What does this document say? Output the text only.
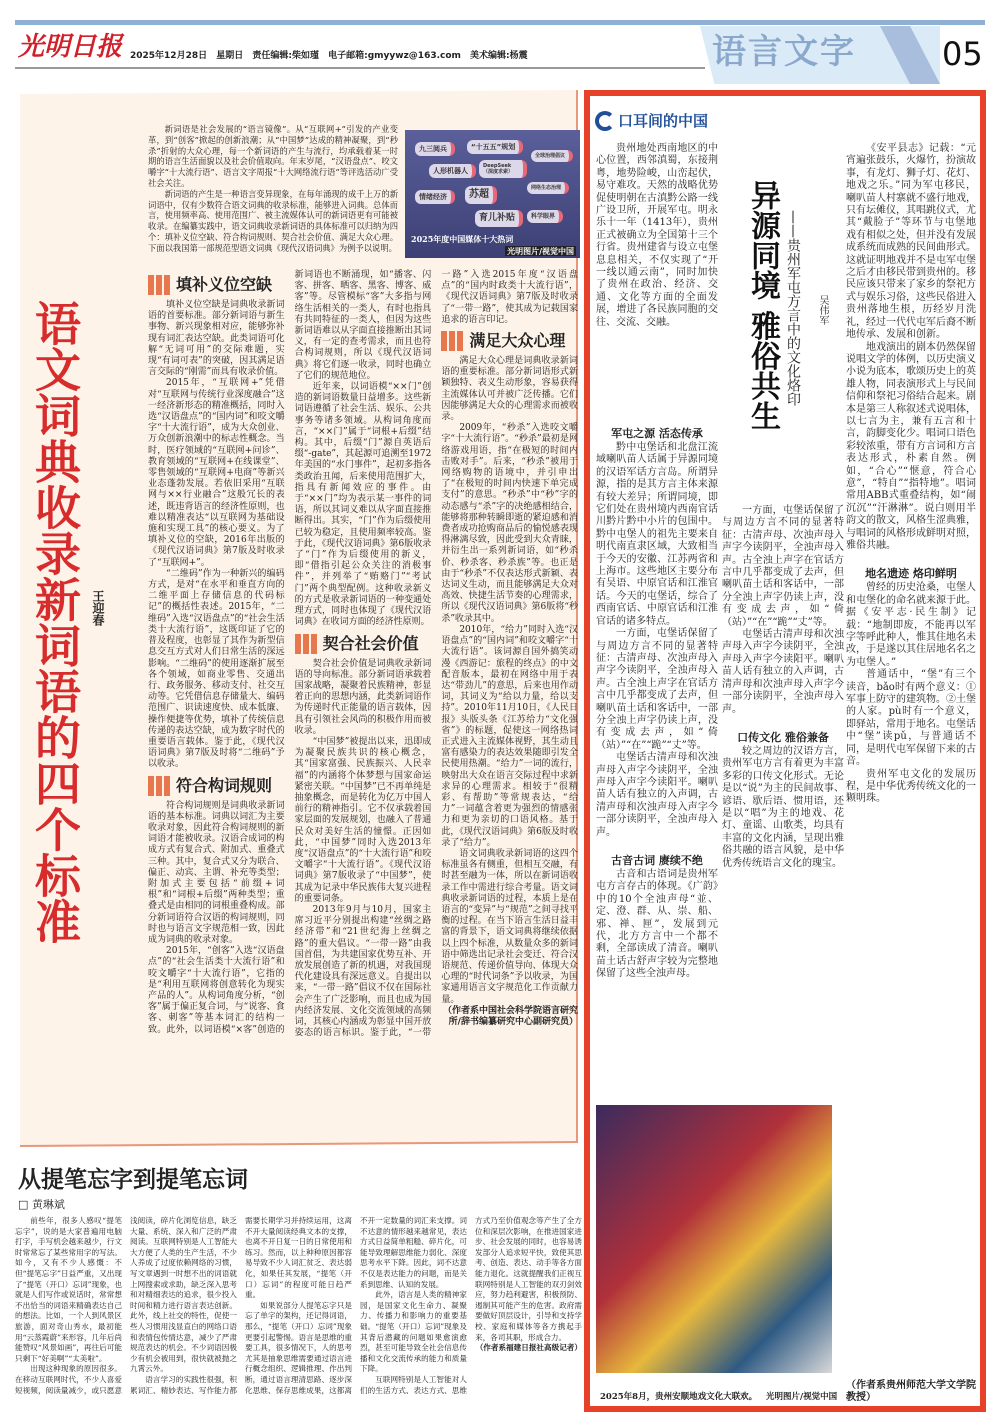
光明日报 2025年12月28日 星期日 责任编辑:柴如瑾 电子邮箱:gmyywz@163.com 美术编辑:杨震	语言文字	05
语文词典收录新词语的四个标准 王迎春

新词语是社会发展的“语言镜像”。从“互联网+”引发的产业变革，到“创客”掀起的创新浪潮；从“中国梦”达成的精神凝聚，到“秒杀”折射的大众心理，每一个新词语的产生与流行，均承载着某一时期的语言生活面貌以及社会价值取向。年末岁尾，“汉语盘点”、咬文嚼字“十大流行语”、语言文字周报“十大网络流行语”等评选活动广受社会关注。

新词语的产生是一种语言变异现象，在每年涌现的成千上万的新词语中，仅有少数符合语文词典的收录标准，能够进入词典。总体而言，使用频率高、使用范围广、被主流媒体认可的新词语更有可能被收录。在编纂实践中，语文词典收录新词语的具体标准可以归纳为四个：填补义位空缺、符合构词规则、契合社会价值、满足大众心理。下面以我国第一部规范型语文词典《现代汉语词典》为例予以说明。

九三阅兵	“十五五”规划
全球治理倡议
人形机器人
DeepSeek（深度求索）
情绪经济	苏超
网络生态治理
育儿补贴	科学眼界
2025年度中国媒体十大热词
光明图片/视觉中国
填补义位空缺

填补义位空缺是词典收录新词语的首要标准。部分新词语与新生事物、新兴现象相对应，能够弥补现有词汇表达空缺。此类词语可化解“无词可用”的交际难题，实现“有词可表”的突破，因其满足语言交际的“刚需”而具有收录价值。

2015年，“互联网+”凭借对“互联网与传统行业深度融合”这一经济新形态的精准概括，同时入选“汉语盘点”的“国内词”和咬文嚼字“十大流行语”，成为大众创业、万众创新浪潮中的标志性概念。当时，医疗领域的“互联网+问诊”、教育领域的“互联网+在线课堂”、零售领域的“互联网+电商”等新兴业态蓬勃发展。若依旧采用“互联网与××行业融合”这般冗长的表述，既违背语言的经济性原则，也难以精准表达“以互联网为基础设施和实现工具”的核心要义。为了填补义位的空缺，2016年出版的《现代汉语词典》第7版及时收录了“互联网+”。

“二维码”作为一种新兴的编码方式，是对“在水平和垂直方向的二维平面上存储信息的代码标记”的概括性表述。2015年，“二维码”入选“汉语盘点”的“社会生活类十大流行语”，这既印证了它的普及程度，也彰显了其作为新型信息交互方式对人们日常生活的深远影响。“二维码”的使用逐渐扩展至各个领域，如商业零售、交通出行、政务服务、移动支付、社交互动等。它凭借信息存储量大、编码范围广、识读速度快、成本低廉、操作便捷等优势，填补了传统信息传递的表达空缺，成为数字时代的重要语言载体。鉴于此，《现代汉语词典》第7版及时将“二维码”予以收录。

符合构词规则

符合构词规则是词典收录新词语的基本标准。词典以词汇为主要收录对象，因此符合构词规则的新词语才能被收录。汉语合成词的构成方式有复合式、附加式、重叠式三种。其中，复合式又分为联合、偏正、动宾、主谓、补充等类型；附加式主要包括“前缀+词根”和“词根+后缀”两种类型；重叠式是由相同的词根重叠构成。部分新词语符合汉语的构词规则，同时也与语言文字规范相一致，因此成为词典的收录对象。

2015年，“创客”入选“汉语盘点”的“社会生活类十大流行语”和咬文嚼字“十大流行语”，它指的是“利用互联网将创意转化为现实产品的人”。从构词角度分析，“创客”属于偏正复合词，与“说客、食客、刺客”等基本词汇的结构一致。此外，以词语模“×客”创造的新词语也不断涌现，如“播客、闪客、拼客、晒客、黑客、博客、威客”等。尽管模标“客”大多指与网络生活相关的一类人，有时也指具有共同特征的一类人，但因为这些新词语难以从字面直接推断出其词义，有一定的查考需求，而且也符合构词规则，所以《现代汉语词典》将它们逐一收录，同时也确立了它们的规范地位。

近年来，以词语模“××门”创造的新词语数量日益增多。这些新词语遵循了社会生活、娱乐、公共事务等诸多领域。从构词角度而言，“××门”属于“词根+后缀”结构。其中，后缀“门”源自英语后缀“-gate”，其起源可追溯至1972年美国的“水门事件”，起初多指各类政治丑闻，后来使用范围扩大，指具有新闻效应的事件。由于“××门”均为表示某一事件的词语，所以其词义难以从字面直接推断得出。其实，“门”作为后缀使用已较为稳定，且使用频率较高。鉴于此，《现代汉语词典》第6版收录了“门”作为后缀使用的新义，即“借指引起公众关注的消极事件”，并列举了“贿赂门”“考试门”两个典型配例。这种收录新义的方式是收录新词语的一种变通处理方式，同时也体现了《现代汉语词典》在收词方面的经济性原则。

契合社会价值

契合社会价值是词典收录新词语的导向标准。部分新词语承载着国家战略，凝聚着民族精神，彰显着正向的思想内涵，此类新词语作为传递时代正能量的语言载体，因具有引领社会风尚的积极作用而被收录。

“中国梦”被提出以来，迅即成为凝聚民族共识的核心概念，其“国家富强、民族振兴、人民幸福”的内涵将个体梦想与国家命运紧密关联。“中国梦”已不再单纯是抽象概念，而是转化为亿万中国人前行的精神指引。它不仅承载着国家层面的发展规划，也融入了普通民众对美好生活的憧憬。正因如此，“中国梦”同时入选2013年度“汉语盘点”的“十大流行语”和咬文嚼字“十大流行语”。《现代汉语词典》第7版收录了“中国梦”，使其成为记录中华民族伟大复兴进程的重要词条。

2013年9月与10月，国家主席习近平分别提出构建“丝绸之路经济带”和“21世纪海上丝绸之路”的重大倡议。“一带一路”由我国首倡，为共建国家优势互补、开放发展创造了新的机遇，对我国现代化建设具有深远意义。自提出以来，“一带一路”倡议不仅在国际社会产生了广泛影响，而且也成为国内经济发展、文化交流领域的高频词，其核心内涵成为彰显中国开放姿态的语言标识。鉴于此，“一带一路”入选2015年度“汉语盘点”的“国内时政类十大流行语”，《现代汉语词典》第7版及时收录了“一带一路”，使其成为记载国家追求的语言印记。

满足大众心理

满足大众心理是词典收录新词语的重要标准。部分新词语形式新颖独特、表义生动形象，容易获得主流媒体认可并被广泛传播。它们因能够满足大众的心理需求而被收录。

2009年，“秒杀”入选咬文嚼字“十大流行语”。“秒杀”最初是网络游戏用语，指“在极短的时间内击败对手”。后来，“秒杀”被用于网络购物的语境中，并引申出了“在极短的时间内快速下单完成支付”的意思。“秒杀”中“秒”字的动态感与“杀”字的决绝感相结合，能够将那种转瞬即逝的紧迫感和消费者成功抢购商品后的愉悦感表现得淋漓尽致，因此受到大众青睐，并衍生出一系列新词语，如“秒杀价、秒杀客、秒杀族”等。也正是由于“秒杀”不仅表达形式新颖、表达词义生动，而且能够满足大众对高效、快捷生活节奏的心理需求，所以《现代汉语词典》第6版将“秒杀”收录其中。

2010年，“给力”同时入选“汉语盘点”的“国内词”和咬文嚼字“十大流行语”。该词源自国外搞笑动漫《西游记：旅程的终点》的中文配音版本，最初在网络中用于表达“带劲儿”的意思，后来也用作动词，其词义为“给以力量，给以支持”。2010年11月10日，《人民日报》头版头条《江苏给力“文化强省”》的标题，促使这一网络热词正式进入主流媒体视野，其生动且富有感染力的表达效果随即引发全民使用热潮。“给力”一词的流行，映射出大众在语言交际过程中求新求异的心理需求。相较于“很精彩、有帮助”等常规表达，“给力”一词蕴含着更为强烈的情感张力和更为亲切的口语风格。基于此，《现代汉语词典》第6版及时收录了“给力”。

语文词典收录新词语的这四个标准虽各有侧重，但相互交融，有时甚至融为一体，所以在新词语收录工作中需进行综合考量。语文词典收录新词语的过程，本质上是在语言的“变异”与“规范”之间寻找平衡的过程。在当下语言生活日益丰富的背景下，语文词典将继续依据以上四个标准，从数量众多的新词语中筛选出记录社会变迁、符合汉语规范、传递价值导向、体现大众心理的“时代词条”予以收录，为国家通用语言文字规范化工作贡献力量。

（作者系中国社会科学院语言研究所/辞书编纂研究中心副研究员）

口耳间的中国
异源同境 雅俗共生 ——贵州军屯方言中的文化烙印 吴伟军

贵州地处西南地区的中心位置，西邻滇蜀，东接荆粤，地势险峻，山峦起伏，易守难攻。天然的战略优势促使明朝在古滇黔公路一线广设卫所，开展军屯。明永乐十一年（1413年），贵州正式被确立为全国第十三个行省。贵州建省与设立屯堡息息相关，不仅实现了“开一线以通云南”，同时加快了贵州在政治、经济、交通、文化等方面的全面发展，增进了各民族同胞的交往、交流、交融。

军屯之源 活态传承

黔中屯堡话和北盘江流域喇叭苗人话属于异源同境的汉语军话方言岛。所谓异源，指的是其方言主体来源有较大差异；所谓同境，即它们处在贵州境内西南官话川黔片黔中小片的包围中。黔中屯堡人的祖先主要来自明代南直隶区域，大致相当于今天的安徽、江苏两省和上海市。这些地区主要分布有吴语、中原官话和江淮官话。今天的屯堡话，综合了西南官话、中原官话和江淮官话的诸多特点。

一方面，屯堡话保留了与周边方言不同的显著特征：古清声母、次浊声母入声字今读阴平，全浊声母入声。古全浊上声字在官话方言中几乎都变成了去声，但喇叭苗土话和客话中，一部分全浊上声字仍读上声，没有变成去声，如“倚（站）”“在”“跪”“丈”等。

屯堡话古清声母和次浊声母入声字今读阴平，全浊声母入声字今读阳平。喇叭苗人话有独立的入声调，古清声母和次浊声母入声字今一部分读阴平，全浊声母入声。

古音古词 赓续不绝

古音和古语词是贵州军屯方言存古的体现。《广韵》中的10个全浊声母“並、定、澄、群、从、崇、船、邪、禅、匣”，发展到元代，北方方言中一个都不剩，全部读成了清音。喇叭苗土话古舒声字较为完整地保留了这些全浊声母。

一方面，屯堡话保留了与周边方言不同的显著特征：古清声母、次浊声母入声字今读阴平，全浊声母入声。古全浊上声字在官话方言中几乎都变成了去声，但喇叭苗土话和客话中，一部分全浊上声字仍读上声，没有变成去声，如“倚（站）”“在”“跪”“丈”等。

屯堡话古清声母和次浊声母入声字今读阴平，全浊声母入声字今读阳平。喇叭苗人话有独立的入声调，古清声母和次浊声母入声字今一部分读阴平，全浊声母入声。

口传文化 雅俗兼备

较之周边的汉语方言，贵州军屯方言有着更为丰富多彩的口传文化形式。无论是以“说”为主的民间故事、谚语、歇后语、惯用语，还是以“唱”为主的地戏、花灯、童谣、山歌类，均具有丰富的文化内涵，呈现出雅俗共融的语言风貌，是中华优秀传统语言文化的瑰宝。

《安平县志》记载：“元宵遍张鼓乐，火爆竹，扮演故事，有龙灯、狮子灯、花灯、地戏之乐。”同为军屯移民，喇叭苗人村寨就不盛行地戏，只有坛傩仪，其唱跳仪式，尤其“戴脸子”等环节与屯堡地戏有相似之处，但并没有发展成系统而成熟的民间曲形式。这就证明地戏并不是屯军屯堡之后才由移民带到贵州的。移民应该只带来了家乡的祭祀方式与娱乐习俗，这些民俗进入贵州落地生根，历经岁月洗礼，经过一代代屯军后裔不断地传承、发展和创新。

地戏演出的剧本仍然保留说唱文学的体例，以历史演义小说为底本，歌颂历史上的英雄人物，同表演形式上与民间信仰和祭祀习俗结合起来。剧本是第三人称叙述式说唱体，以七言为主，兼有五言和十言，韵脚变化少。唱词口语色彩较浓重，带有方言词和方言表达形式，朴素自然。例如，“合心”“惬意，符合心意”，“特自”“指特地”。唱词常用ABB式重叠结构，如“闹沉沉”“汗淋淋”。说白则用半韵文的散文，风格生涩典雅，与唱词的风格形成鲜明对照，雅俗共融。

地名遗迹 烙印鲜明

曾经的历史沧桑，屯堡人和屯堡化的命名就来源于此。据《安平志·民生制》记载：“地制即废，不能再以军字等呼此种人，惟其住地名未改，于是遂以其住居地名名之为屯堡人。”

普通话中，“堡”有三个读音，bǎo时有两个意义：①军事上防守的建筑物。②土堡的人家。pù时有一个意义，即驿站，常用于地名。屯堡话中“堡”读pǔ，与普通话不同，是明代屯军保留下来的古音。

贵州军屯文化的发展历程，是中华优秀传统文化的一颗明珠。

2025年8月，贵州安顺地戏文化大联欢。 光明图片/视觉中国
（作者系贵州师范大学文学院教授）
从提笔忘字到提笔忘词
□ 黄琳斌

前些年，很多人感叹“提笔忘字”，说的是大家普遍用电脑打字，手写机会越来越少，行文时常常忘了某些常用字的写法。如今，又有不少人感慨：不但“提笔忘字”日益严重，又出现了“提笔（开口）忘词”现象，也就是人们写作或说话时，常常想不出恰当的词语来精确表达自己的想法。比如，一个人到风景区旅游，面对奇山秀水，最初能用“云蒸霞蔚”来形容，几年后尚能赞叹“风景如画”，再往后可能只剩下“好美啊”“太美啦”。

出现这种现象的原因很多。在移动互联网时代，不少人喜爱短视频，阅读量减少，或只愿意浅阅读，碎片化浏览信息，缺乏大量、系统、深入和广泛的严肃阅读。互联网特别是人工智能大大方便了人类的生产生活，不少人养成了过度依赖网络的习惯，写文章遇到一时想不出的词语就上网搜索或求助，缺乏深入思考和对精细表达的追求，很少投入时间和精力进行语言表达创新。此外，线上社交的特性，促使一些人习惯用浅显直白的网络口语和表情包传情达意，减少了严肃规范表达的机会。不少词语因极少有机会被用到，很快就被抛之九霄云外。

语言学习的实践性很强，积累词汇、精妙表达、写作能力都需要长期学习并持续运用，这离不开大量阅读经典文本的支撑，也离不开日复一日的日常使用和练习。然而，以上种种原因都容易导致不少人词汇贫乏、表达弱化，如果任其发展，“提笔（开口）忘词”的程度可能日趋严重。

如果说部分人提笔忘字只是忘了单字的架构，还记得词语，那么，“提笔（开口）忘词”现象更要引起警惕。语言是思维的重要工具，很多情况下，人的思考尤其是抽象思维需要通过语言进行概念组织、逻辑推理、作出判断，通过语言理清思路、逐步深化思维、保存思维成果，这都离不开一定数量的词汇来支撑。词不达意的情形越来越常见，表达方式日益简单粗糙、碎片化，可能导致理解思维能力弱化、深度思考水平下降。因此，词不达意不仅是表达能力的问题，而是关系到思维、认知的发展。

此外，语言是人类的精神家园，是国家文化生命力、凝聚力、传播力和影响力的重要基础。“提笔（开口）忘词”现象及其背后潜藏的问题如果愈演愈烈，甚至可能导致全社会信息传播和文化交流传承的能力和质量下降。

互联网特别是人工智能对人们的生活方式、表达方式、思维方式乃至价值观念等产生了全方位和深层次影响，在推进国家进步、社会发展的同时，也容易诱发部分人追求短平快，致使其思考、创造、表达、动手等各方面能力退化。这就提醒我们正视互联网特别是人工智能的双刃剑效应，努力趋利避害，积极预防、遏制其可能产生的危害。政府需要做好顶层设计，引导和支持学校、家庭和媒体等各方携起手来，各司其职，形成合力。

（作者系福建日报社高级记者）
